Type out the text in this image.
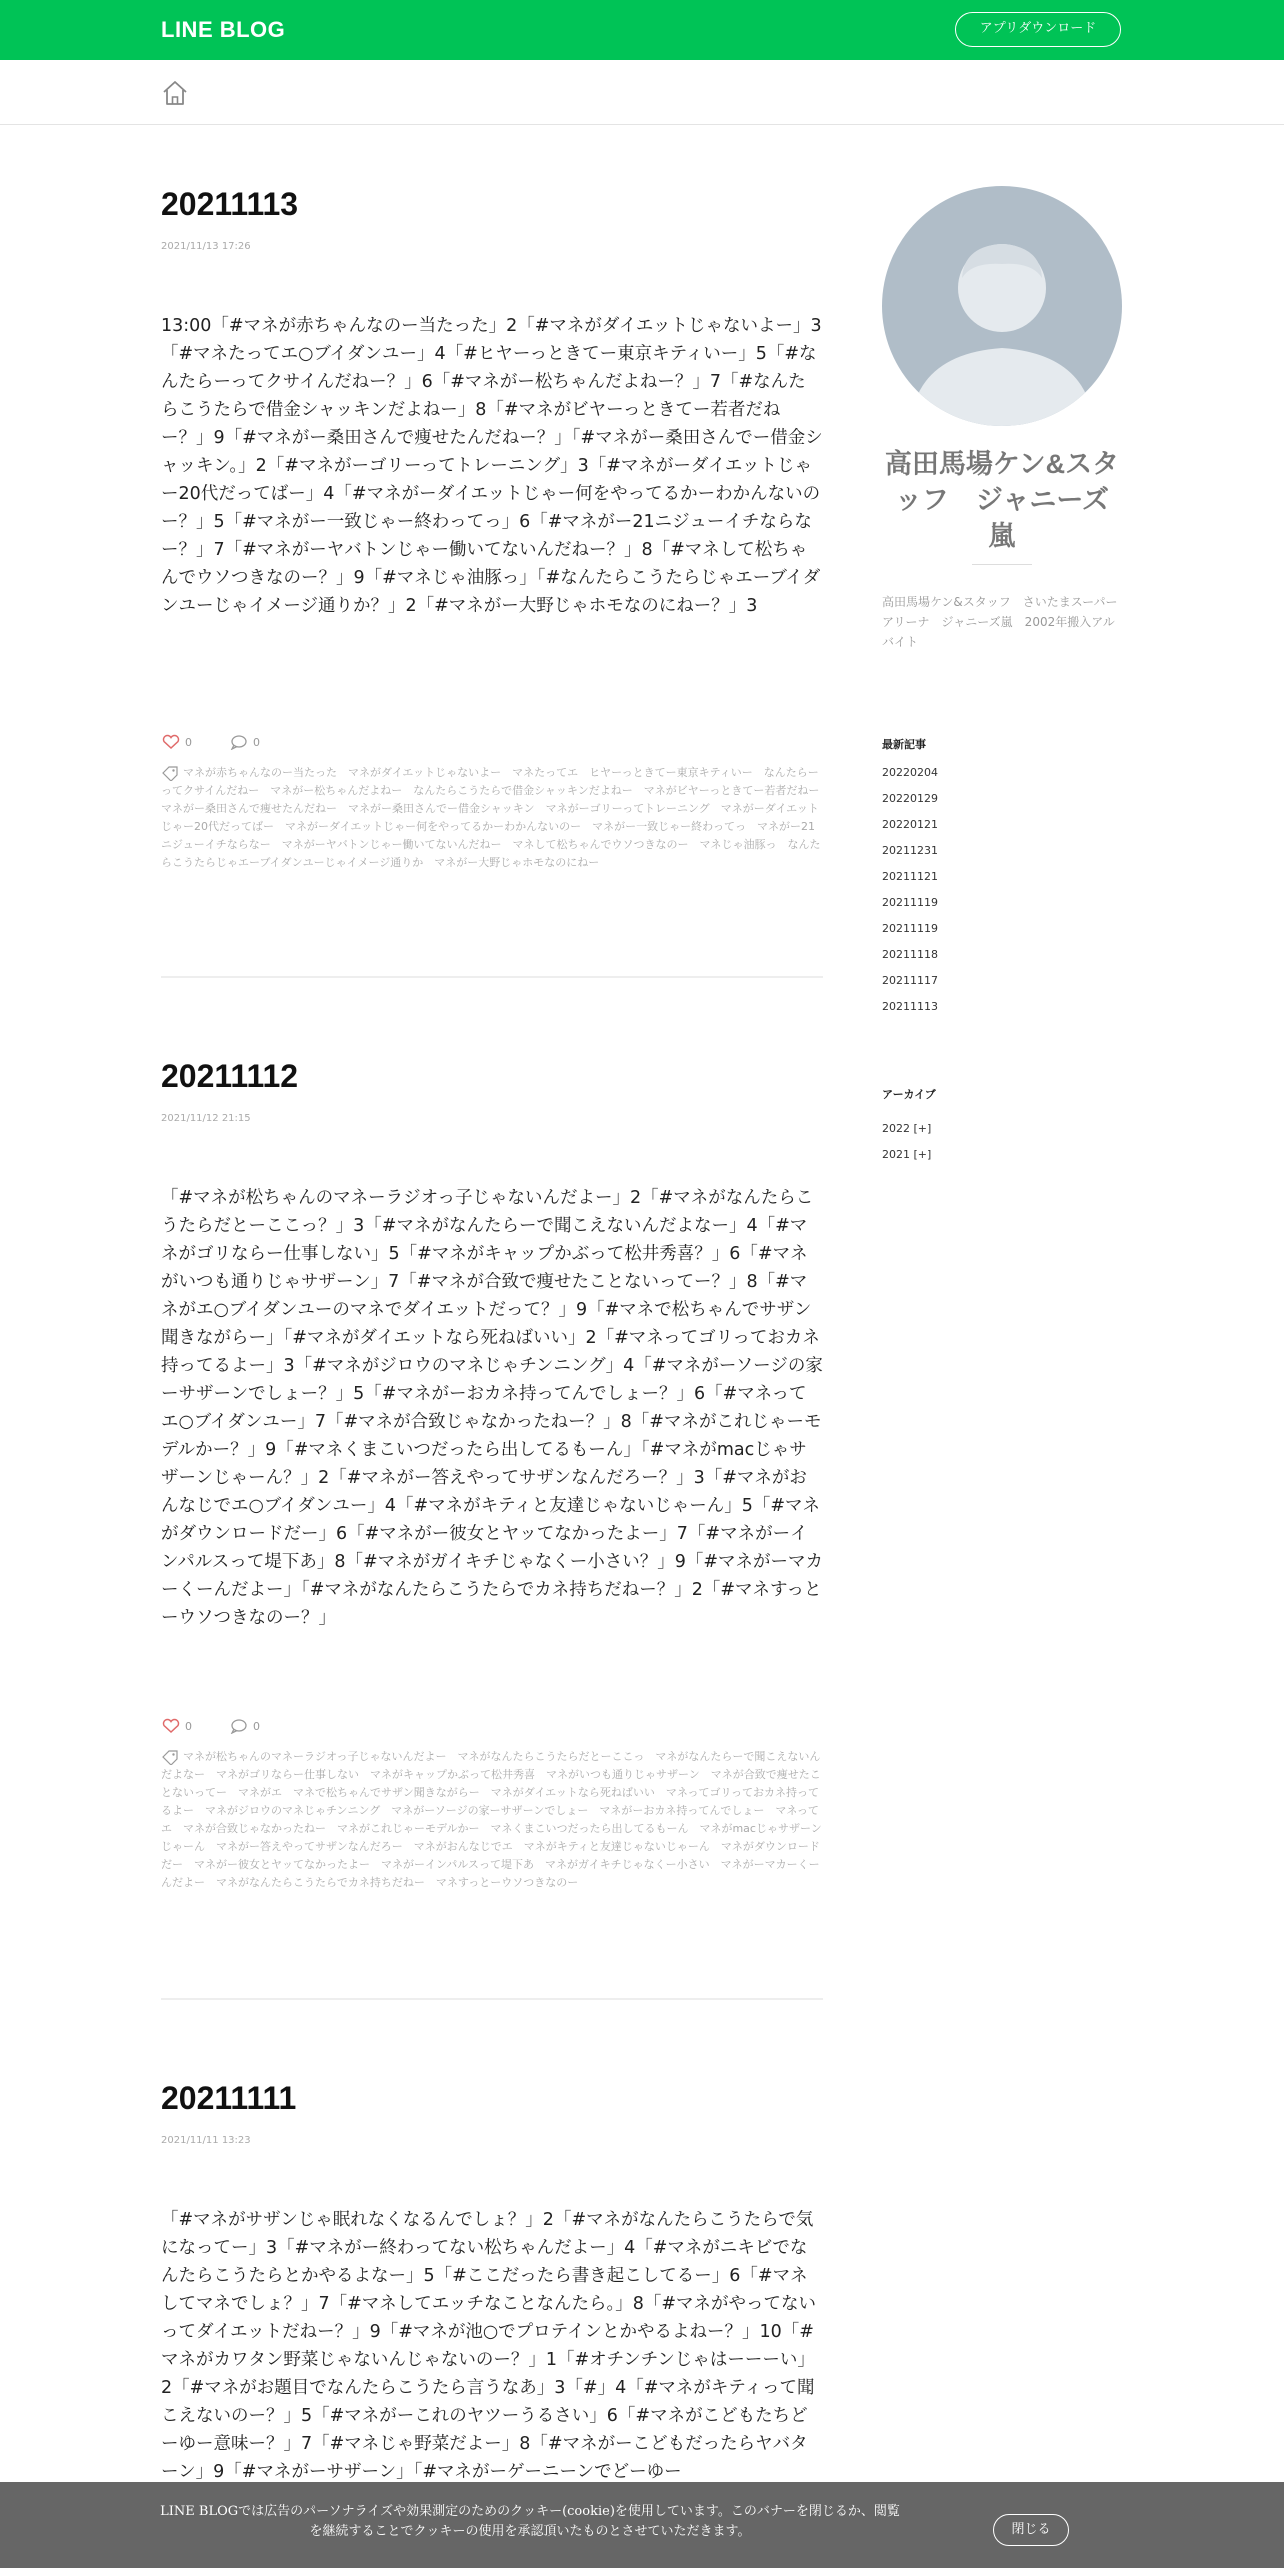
LINE BLOG	アプリダウンロード
20211113
2021/11/13 17:26
13:00「#マネが赤ちゃんなのー当たった」2「#マネがダイエットじゃないよー」3「#マネたってエ○ブイダンユー」4「#ヒヤーっときてー東京キティいー」5「#なんたらーってクサイんだねー？」6「#マネがー松ちゃんだよねー？」7「#なんたらこうたらで借金シャッキンだよねー」8「#マネがビヤーっときてー若者だねー？」9「#マネがー桑田さんで痩せたんだねー？」「#マネがー桑田さんでー借金シャッキン。」2「#マネがーゴリーってトレーニング」3「#マネがーダイエットじゃー20代だってばー」4「#マネがーダイエットじゃー何をやってるかーわかんないのー？」5「#マネがー一致じゃー終わってっ」6「#マネがー21ニジューイチならなー？」7「#マネがーヤバトンじゃー働いてないんだねー？」8「#マネして松ちゃんでウソつきなのー？」9「#マネじゃ油豚っ」「#なんたらこうたらじゃエーブイダンユーじゃイメージ通りか？」2「#マネがー大野じゃホモなのにねー？」3
0	0
マネが赤ちゃんなのー当たった　マネがダイエットじゃないよー　マネたってエ　ヒヤーっときてー東京キティいー　なんたらーってクサイんだねー　マネがー松ちゃんだよねー　なんたらこうたらで借金シャッキンだよねー　マネがビヤーっときてー若者だねー　マネがー桑田さんで痩せたんだねー　マネがー桑田さんでー借金シャッキン　マネがーゴリーってトレーニング　マネがーダイエットじゃー20代だってばー　マネがーダイエットじゃー何をやってるかーわかんないのー　マネがー一致じゃー終わってっ　マネがー21ニジューイチならなー　マネがーヤバトンじゃー働いてないんだねー　マネして松ちゃんでウソつきなのー　マネじゃ油豚っ　なんたらこうたらじゃエーブイダンユーじゃイメージ通りか　マネがー大野じゃホモなのにねー
20211112
2021/11/12 21:15
「#マネが松ちゃんのマネーラジオっ子じゃないんだよー」2「#マネがなんたらこうたらだとーここっ？」3「#マネがなんたらーで聞こえないんだよなー」4「#マネがゴリならー仕事しない」5「#マネがキャップかぶって松井秀喜？」6「#マネがいつも通りじゃサザーン」7「#マネが合致で痩せたことないってー？」8「#マネがエ○ブイダンユーのマネでダイエットだって？」9「#マネで松ちゃんでサザン聞きながらー」「#マネがダイエットなら死ねばいい」2「#マネってゴリっておカネ持ってるよー」3「#マネがジロウのマネじゃチンニング」4「#マネがーソージの家ーサザーンでしょー？」5「#マネがーおカネ持ってんでしょー？」6「#マネってエ○ブイダンユー」7「#マネが合致じゃなかったねー？」8「#マネがこれじゃーモデルかー？」9「#マネくまこいつだったら出してるもーん」「#マネがmacじゃサザーンじゃーん？」2「#マネがー答えやってサザンなんだろー？」3「#マネがおんなじでエ○ブイダンユー」4「#マネがキティと友達じゃないじゃーん」5「#マネがダウンロードだー」6「#マネがー彼女とヤッてなかったよー」7「#マネがーインパルスって堤下あ」8「#マネがガイキチじゃなくー小さい？」9「#マネがーマカーくーんだよー」「#マネがなんたらこうたらでカネ持ちだねー？」2「#マネすっとーウソつきなのー？」
0	0
マネが松ちゃんのマネーラジオっ子じゃないんだよー　マネがなんたらこうたらだとーここっ　マネがなんたらーで聞こえないんだよなー　マネがゴリならー仕事しない　マネがキャップかぶって松井秀喜　マネがいつも通りじゃサザーン　マネが合致で痩せたことないってー　マネがエ　マネで松ちゃんでサザン聞きながらー　マネがダイエットなら死ねばいい　マネってゴリっておカネ持ってるよー　マネがジロウのマネじゃチンニング　マネがーソージの家ーサザーンでしょー　マネがーおカネ持ってんでしょー　マネってエ　マネが合致じゃなかったねー　マネがこれじゃーモデルかー　マネくまこいつだったら出してるもーん　マネがmacじゃサザーンじゃーん　マネがー答えやってサザンなんだろー　マネがおんなじでエ　マネがキティと友達じゃないじゃーん　マネがダウンロードだー　マネがー彼女とヤッてなかったよー　マネがーインパルスって堤下あ　マネがガイキチじゃなくー小さい　マネがーマカーくーんだよー　マネがなんたらこうたらでカネ持ちだねー　マネすっとーウソつきなのー
20211111
2021/11/11 13:23
「#マネがサザンじゃ眠れなくなるんでしょ？」2「#マネがなんたらこうたらで気になってー」3「#マネがー終わってない松ちゃんだよー」4「#マネがニキビでなんたらこうたらとかやるよなー」5「#ここだったら書き起こしてるー」6「#マネしてマネでしょ？」7「#マネしてエッチなことなんたら。」8「#マネがやってないってダイエットだねー？」9「#マネが池○でプロテインとかやるよねー？」10「#マネがカワタン野菜じゃないんじゃないのー？」1「#オチンチンじゃはーーーい」2「#マネがお題目でなんたらこうたら言うなあ」3「#」4「#マネがキティって聞こえないのー？」5「#マネがーこれのヤツーうるさい」6「#マネがこどもたちどーゆー意味ー？」7「#マネじゃ野菜だよー」8「#マネがーこどもだったらヤバターン」9「#マネがーサザーン」「#マネがーゲーニーンでどーゆー
高田馬場ケン&スタッフ　ジャニーズ嵐
高田馬場ケン&スタッフ　さいたまスーパーアリーナ　ジャニーズ嵐　2002年搬入アルバイト
最新記事
20220204
20220129
20220121
20211231
20211121
20211119
20211119
20211118
20211117
20211113
アーカイブ
2022 [+]
2021 [+]
LINE BLOGでは広告のパーソナライズや効果測定のためのクッキー(cookie)を使用しています。このバナーを閉じるか、閲覧を継続することでクッキーの使用を承認頂いたものとさせていただきます。	閉じる
